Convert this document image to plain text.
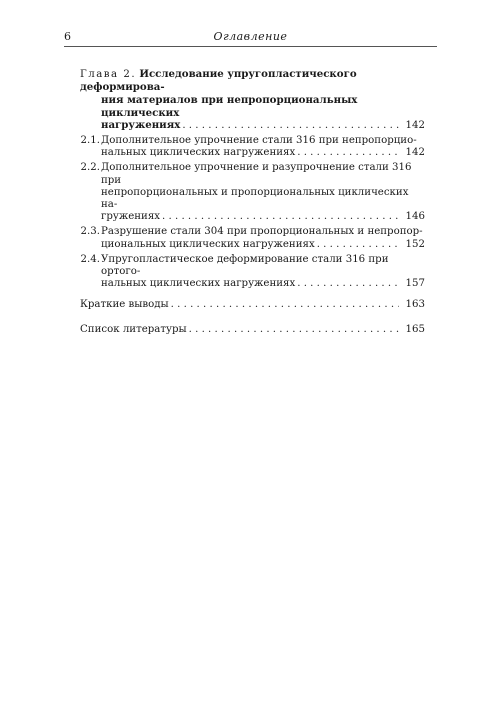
6	Оглавление
Глава 2. Исследование упругопластического деформирова-
ния материалов при непропорциональных циклических
нагружениях . . .	142
2.1. Дополнительное упрочнение стали 316 при непропорцио-
нальных циклических нагружениях . . .	142
2.2. Дополнительное упрочнение и разупрочнение стали 316 при
непропорциональных и пропорциональных циклических на-
гружениях . . .	146
2.3. Разрушение стали 304 при пропорциональных и непропор-
циональных циклических нагружениях . . .	152
2.4. Упругопластическое деформирование стали 316 при ортого-
нальных циклических нагружениях . . .	157
Краткие выводы . . .	163
Список литературы . . .	165
